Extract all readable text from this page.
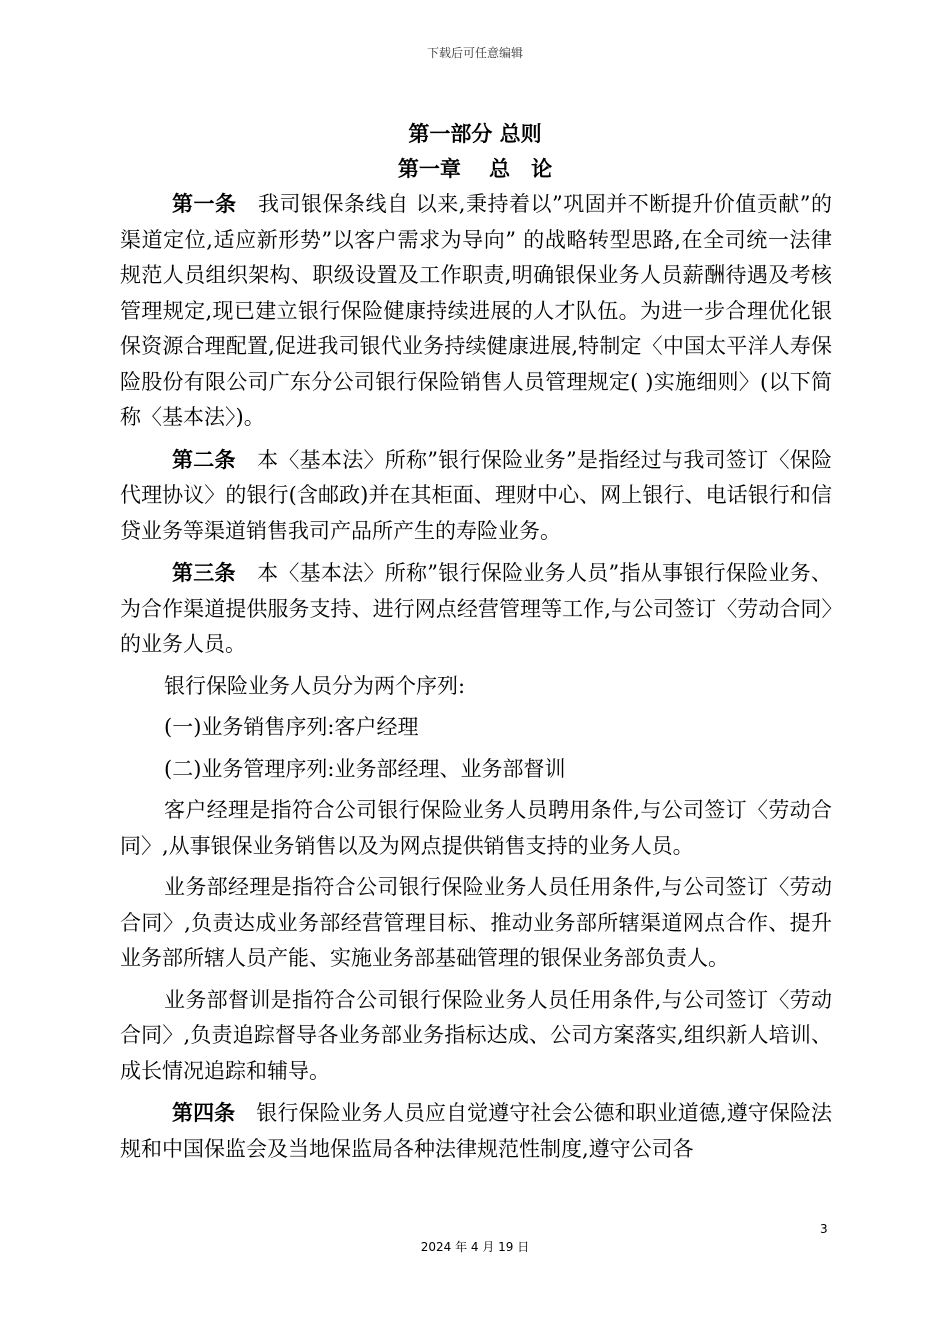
下载后可任意编辑
第一部分 总则
第一章　 总　论

第一条　我司银保条线自 以来,秉持着以”巩固并不断提升价值贡献”的渠道定位,适应新形势”以客户需求为导向” 的战略转型思路,在全司统一法律规范人员组织架构、职级设置及工作职责,明确银保业务人员薪酬待遇及考核管理规定,现已建立银行保险健康持续进展的人才队伍。为进一步合理优化银保资源合理配置,促进我司银代业务持续健康进展,特制定〈中国太平洋人寿保险股份有限公司广东分公司银行保险销售人员管理规定( )实施细则〉(以下简称〈基本法〉)。

第二条　本〈基本法〉所称”银行保险业务”是指经过与我司签订〈保险代理协议〉的银行(含邮政)并在其柜面、理财中心、网上银行、电话银行和信贷业务等渠道销售我司产品所产生的寿险业务。

第三条　本〈基本法〉所称”银行保险业务人员”指从事银行保险业务、为合作渠道提供服务支持、进行网点经营管理等工作,与公司签订〈劳动合同〉的业务人员。

银行保险业务人员分为两个序列:

(一)业务销售序列:客户经理

(二)业务管理序列:业务部经理、业务部督训

客户经理是指符合公司银行保险业务人员聘用条件,与公司签订〈劳动合同〉,从事银保业务销售以及为网点提供销售支持的业务人员。

业务部经理是指符合公司银行保险业务人员任用条件,与公司签订〈劳动合同〉,负责达成业务部经营管理目标、推动业务部所辖渠道网点合作、提升业务部所辖人员产能、实施业务部基础管理的银保业务部负责人。

业务部督训是指符合公司银行保险业务人员任用条件,与公司签订〈劳动合同〉,负责追踪督导各业务部业务指标达成、公司方案落实,组织新人培训、成长情况追踪和辅导。

第四条　银行保险业务人员应自觉遵守社会公德和职业道德,遵守保险法规和中国保监会及当地保监局各种法律规范性制度,遵守公司各

3
2024 年 4 月 19 日
